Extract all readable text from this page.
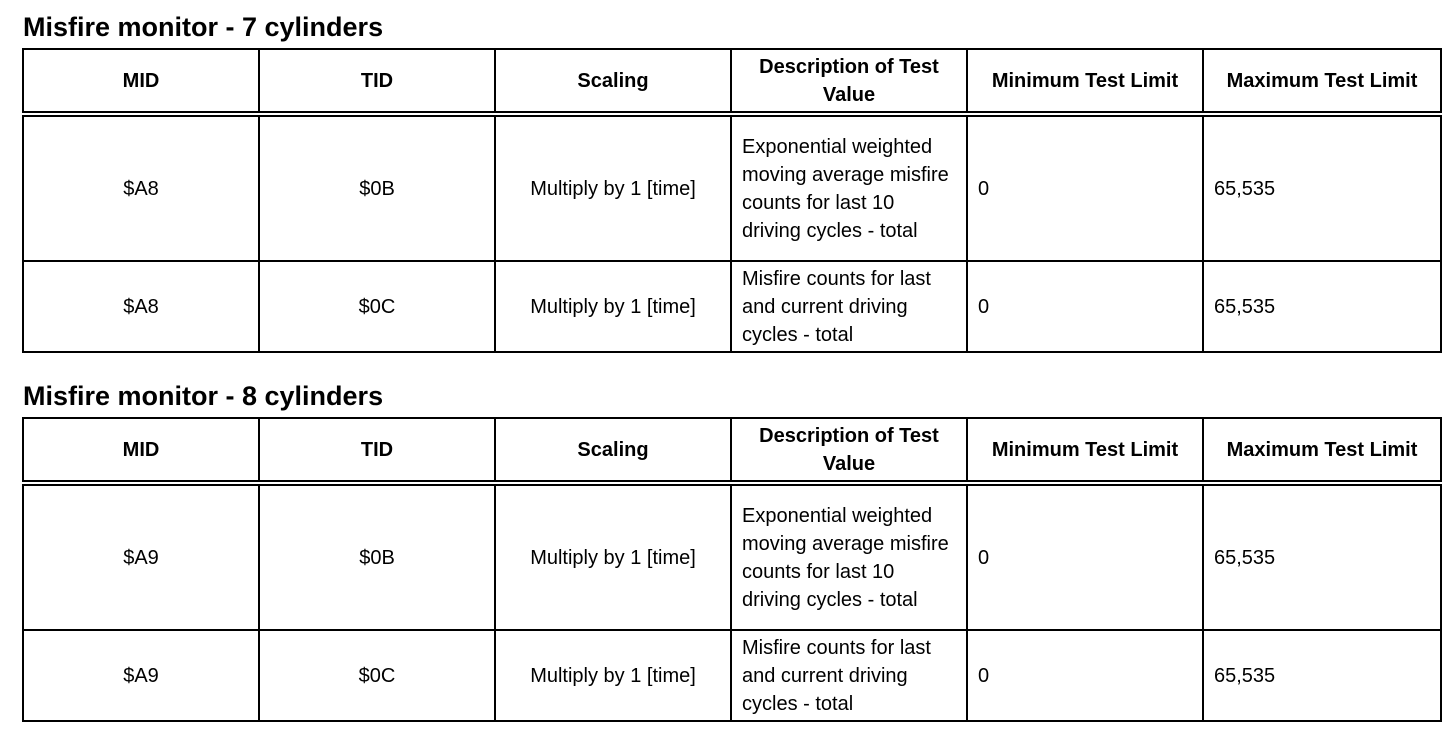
Misfire monitor - 7 cylinders
MID	TID	Scaling	Description of Test Value	Minimum Test Limit	Maximum Test Limit
$A8	$0B	Multiply by 1 [time]	Exponential weighted moving average misfire counts for last 10 driving cycles - total	0	65,535
$A8	$0C	Multiply by 1 [time]	Misfire counts for last and current driving cycles - total	0	65,535
Misfire monitor - 8 cylinders
MID	TID	Scaling	Description of Test Value	Minimum Test Limit	Maximum Test Limit
$A9	$0B	Multiply by 1 [time]	Exponential weighted moving average misfire counts for last 10 driving cycles - total	0	65,535
$A9	$0C	Multiply by 1 [time]	Misfire counts for last and current driving cycles - total	0	65,535
